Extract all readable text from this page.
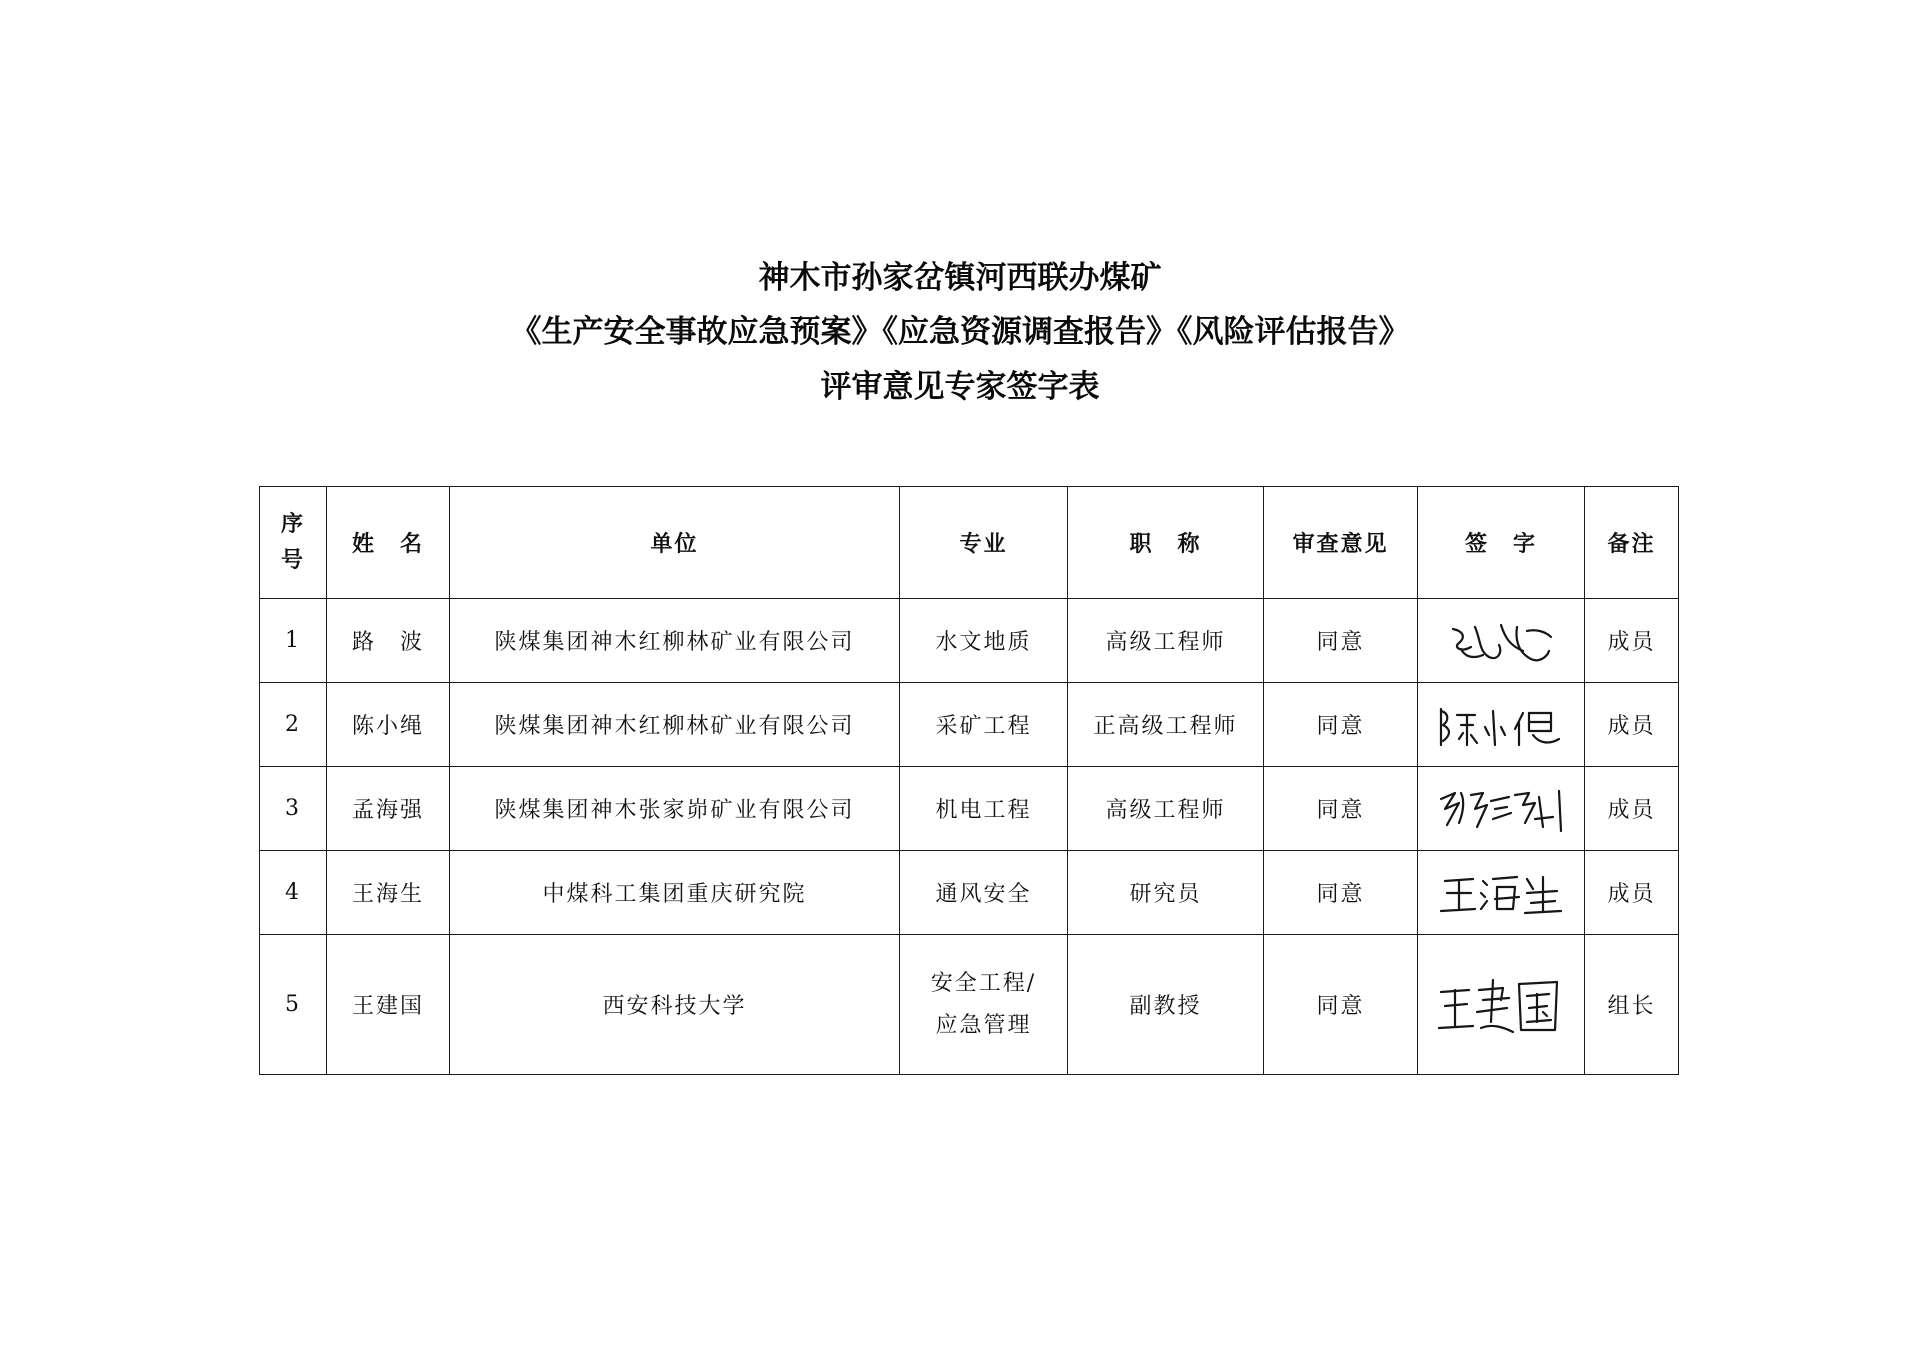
神木市孙家岔镇河西联办煤矿
《生产安全事故应急预案》《应急资源调查报告》《风险评估报告》
评审意见专家签字表
序
号	姓　名	单位	专业	职　称	审查意见	签　字	备注
1	路　波	陕煤集团神木红柳林矿业有限公司	水文地质	高级工程师	同意		成员
2	陈小绳	陕煤集团神木红柳林矿业有限公司	采矿工程	正高级工程师	同意		成员
3	孟海强	陕煤集团神木张家峁矿业有限公司	机电工程	高级工程师	同意		成员
4	王海生	中煤科工集团重庆研究院	通风安全	研究员	同意		成员
5	王建国	西安科技大学	安全工程/
应急管理	副教授	同意		组长
